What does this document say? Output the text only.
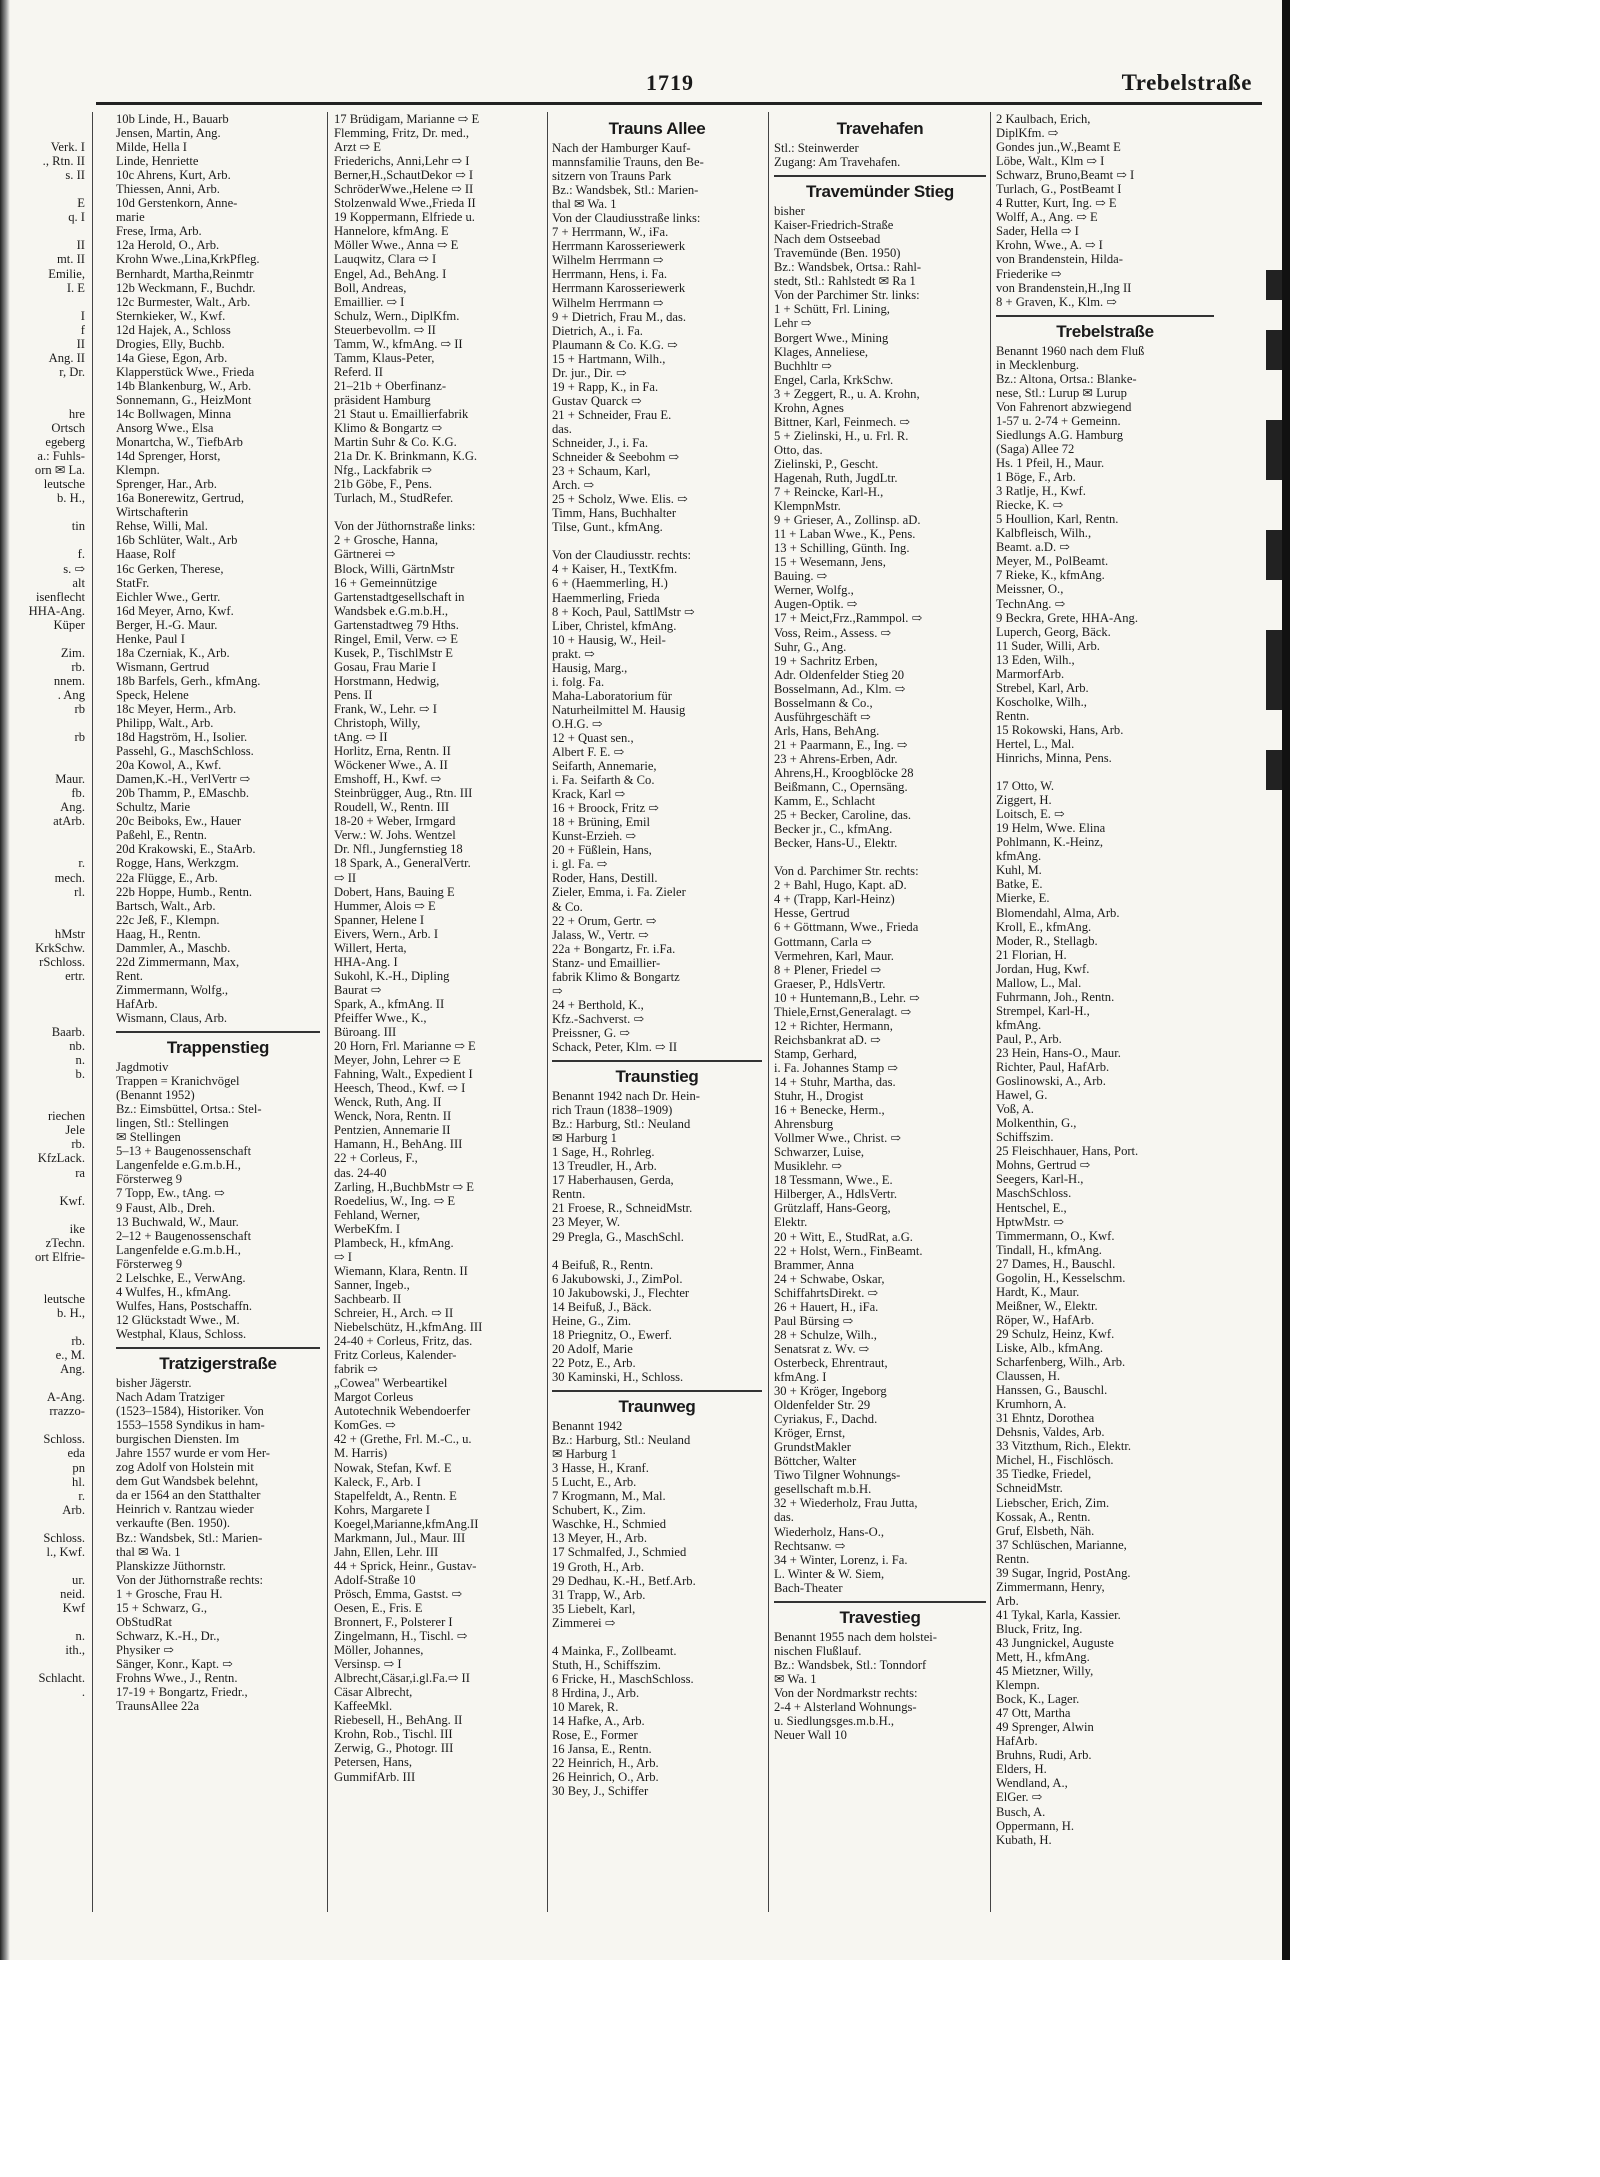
1719	Trebelstraße

Verk. I
., Rtn. II
s. II

E
q. I

II
mt. II
Emilie,
I. E

I
f
II
Ang. II
r, Dr.

hre
Ortsch
egeberg
a.: Fuhls-
orn ✉ La.
leutsche
b. H.,

tin

f.
s. ⇨
alt
isenflecht
HHA-Ang.
Küper

Zim.
rb.
nnem.
. Ang
rb

rb

Maur.
fb.
Ang.
atArb.

r.
mech.
rl.

hMstr
KrkSchw.
rSchloss.
ertr.

Baarb.
nb.
n.
b.

riechen
Jele
rb.
KfzLack.
ra

Kwf.

ike
zTechn.
ort Elfrie-

leutsche
b. H.,

rb.
e., M.
Ang.

A-Ang.
rrazzo-

Schloss.
eda
pn
hl.
r.
Arb.

Schloss.
l., Kwf.

ur.
neid.
Kwf

n.
ith.,

Schlacht.
.
10b Linde, H., Bauarb
Jensen, Martin, Ang.
Milde, Hella I
Linde, Henriette
10c Ahrens, Kurt, Arb.
Thiessen, Anni, Arb.
10d Gerstenkorn, Anne-
marie
Frese, Irma, Arb.
12a Herold, O., Arb.
Krohn Wwe.,Lina,KrkPfleg.
Bernhardt, Martha,Reinmtr
12b Weckmann, F., Buchdr.
12c Burmester, Walt., Arb.
Sternkieker, W., Kwf.
12d Hajek, A., Schloss
Drogies, Elly, Buchb.
14a Giese, Egon, Arb.
Klapperstück Wwe., Frieda
14b Blankenburg, W., Arb.
Sonnemann, G., HeizMont
14c Bollwagen, Minna
Ansorg Wwe., Elsa
Monartcha, W., TiefbArb
14d Sprenger, Horst,
Klempn.
Sprenger, Har., Arb.
16a Bonerewitz, Gertrud,
Wirtschafterin
Rehse, Willi, Mal.
16b Schlüter, Walt., Arb
Haase, Rolf
16c Gerken, Therese,
StatFr.
Eichler Wwe., Gertr.
16d Meyer, Arno, Kwf.
Berger, H.-G. Maur.
Henke, Paul I
18a Czerniak, K., Arb.
Wismann, Gertrud
18b Barfels, Gerh., kfmAng.
Speck, Helene
18c Meyer, Herm., Arb.
Philipp, Walt., Arb.
18d Hagström, H., Isolier.
Passehl, G., MaschSchloss.
20a Kowol, A., Kwf.
Damen,K.-H., VerlVertr ⇨
20b Thamm, P., EMaschb.
Schultz, Marie
20c Beiboks, Ew., Hauer
Paßehl, E., Rentn.
20d Krakowski, E., StaArb.
Rogge, Hans, Werkzgm.
22a Flügge, E., Arb.
22b Hoppe, Humb., Rentn.
Bartsch, Walt., Arb.
22c Jeß, F., Klempn.
Haag, H., Rentn.
Dammler, A., Maschb.
22d Zimmermann, Max,
Rent.
Zimmermann, Wolfg.,
HafArb.
Wismann, Claus, Arb.
Trappenstieg
Jagdmotiv
Trappen = Kranichvögel
(Benannt 1952)
Bz.: Eimsbüttel, Ortsa.: Stel-
lingen, Stl.: Stellingen
✉ Stellingen
5–13 + Baugenossenschaft
Langenfelde e.G.m.b.H.,
Försterweg 9
7 Topp, Ew., tAng. ⇨
9 Faust, Alb., Dreh.
13 Buchwald, W., Maur.
2–12 + Baugenossenschaft
Langenfelde e.G.m.b.H.,
Försterweg 9
2 Lelschke, E., VerwAng.
4 Wulfes, H., kfmAng.
Wulfes, Hans, Postschaffn.
12 Glückstadt Wwe., M.
Westphal, Klaus, Schloss.
Tratzigerstraße
bisher Jägerstr.
Nach Adam Tratziger
(1523–1584), Historiker. Von
1553–1558 Syndikus in ham-
burgischen Diensten. Im
Jahre 1557 wurde er vom Her-
zog Adolf von Holstein mit
dem Gut Wandsbek belehnt,
da er 1564 an den Statthalter
Heinrich v. Rantzau wieder
verkaufte (Ben. 1950).
Bz.: Wandsbek, Stl.: Marien-
thal ✉ Wa. 1
Planskizze Jüthornstr.
Von der Jüthornstraße rechts:
1 + Grosche, Frau H.
15 + Schwarz, G.,
ObStudRat
Schwarz, K.-H., Dr.,
Physiker ⇨
Sänger, Konr., Kapt. ⇨
Frohns Wwe., J., Rentn.
17-19 + Bongartz, Friedr.,
TraunsAllee 22a
17 Brüdigam, Marianne ⇨ E
Flemming, Fritz, Dr. med.,
Arzt ⇨ E
Friederichs, Anni,Lehr ⇨ I
Berner,H.,SchautDekor ⇨ I
SchröderWwe.,Helene ⇨ II
Stolzenwald Wwe.,Frieda II
19 Koppermann, Elfriede u.
Hannelore, kfmAng. E
Möller Wwe., Anna ⇨ E
Lauqwitz, Clara ⇨ I
Engel, Ad., BehAng. I
Boll, Andreas,
Emaillier. ⇨ I
Schulz, Wern., DiplKfm.
Steuerbevollm. ⇨ II
Tamm, W., kfmAng. ⇨ II
Tamm, Klaus-Peter,
Referd. II
21–21b + Oberfinanz-
präsident Hamburg
21 Staut u. Emaillierfabrik
Klimo & Bongartz ⇨
Martin Suhr & Co. K.G.
21a Dr. K. Brinkmann, K.G.
Nfg., Lackfabrik ⇨
21b Göbe, F., Pens.
Turlach, M., StudRefer.

Von der Jüthornstraße links:
2 + Grosche, Hanna,
Gärtnerei ⇨
Block, Willi, GärtnMstr
16 + Gemeinnützige
Gartenstadtgesellschaft in
Wandsbek e.G.m.b.H.,
Gartenstadtweg 79 Hths.
Ringel, Emil, Verw. ⇨ E
Kusek, P., TischlMstr E
Gosau, Frau Marie I
Horstmann, Hedwig,
Pens. II
Frank, W., Lehr. ⇨ I
Christoph, Willy,
tAng. ⇨ II
Horlitz, Erna, Rentn. II
Wöckener Wwe., A. II
Emshoff, H., Kwf. ⇨
Steinbrügger, Aug., Rtn. III
Roudell, W., Rentn. III
18-20 + Weber, Irmgard
Verw.: W. Johs. Wentzel
Dr. Nfl., Jungfernstieg 18
18 Spark, A., GeneralVertr.
⇨ II
Dobert, Hans, Bauing E
Hummer, Alois ⇨ E
Spanner, Helene I
Eivers, Wern., Arb. I
Willert, Herta,
HHA-Ang. I
Sukohl, K.-H., Dipling
Baurat ⇨
Spark, A., kfmAng. II
Pfeiffer Wwe., K.,
Büroang. III
20 Horn, Frl. Marianne ⇨ E
Meyer, John, Lehrer ⇨ E
Fahning, Walt., Expedient I
Heesch, Theod., Kwf. ⇨ I
Wenck, Ruth, Ang. II
Wenck, Nora, Rentn. II
Pentzien, Annemarie II
Hamann, H., BehAng. III
22 + Corleus, F.,
das. 24-40
Zarling, H.,BuchbMstr ⇨ E
Roedelius, W., Ing. ⇨ E
Fehland, Werner,
WerbeKfm. I
Plambeck, H., kfmAng.
⇨ I
Wiemann, Klara, Rentn. II
Sanner, Ingeb.,
Sachbearb. II
Schreier, H., Arch. ⇨ II
Niebelschütz, H.,kfmAng. III
24-40 + Corleus, Fritz, das.
Fritz Corleus, Kalender-
fabrik ⇨
„Cowea" Werbeartikel
Margot Corleus
Autotechnik Webendoerfer
KomGes. ⇨
42 + (Grethe, Frl. M.-C., u.
M. Harris)
Nowak, Stefan, Kwf. E
Kaleck, F., Arb. I
Stapelfeldt, A., Rentn. E
Kohrs, Margarete I
Koegel,Marianne,kfmAng.II
Markmann, Jul., Maur. III
Jahn, Ellen, Lehr. III
44 + Sprick, Heinr., Gustav-
Adolf-Straße 10
Prösch, Emma, Gastst. ⇨
Oesen, E., Fris. E
Bronnert, F., Polsterer I
Zingelmann, H., Tischl. ⇨
Möller, Johannes,
Versinsp. ⇨ I
Albrecht,Cäsar,i.gl.Fa.⇨ II
Cäsar Albrecht,
KaffeeMkl.
Riebesell, H., BehAng. II
Krohn, Rob., Tischl. III
Zerwig, G., Photogr. III
Petersen, Hans,
GummifArb. III
Trauns Allee
Nach der Hamburger Kauf-
mannsfamilie Trauns, den Be-
sitzern von Trauns Park
Bz.: Wandsbek, Stl.: Marien-
thal ✉ Wa. 1
Von der Claudiusstraße links:
7 + Herrmann, W., iFa.
Herrmann Karosseriewerk
Wilhelm Herrmann ⇨
Herrmann, Hens, i. Fa.
Herrmann Karosseriewerk
Wilhelm Herrmann ⇨
9 + Dietrich, Frau M., das.
Dietrich, A., i. Fa.
Plaumann & Co. K.G. ⇨
15 + Hartmann, Wilh.,
Dr. jur., Dir. ⇨
19 + Rapp, K., in Fa.
Gustav Quarck ⇨
21 + Schneider, Frau E.
das.
Schneider, J., i. Fa.
Schneider & Seebohm ⇨
23 + Schaum, Karl,
Arch. ⇨
25 + Scholz, Wwe. Elis. ⇨
Timm, Hans, Buchhalter
Tilse, Gunt., kfmAng.

Von der Claudiusstr. rechts:
4 + Kaiser, H., TextKfm.
6 + (Haemmerling, H.)
Haemmerling, Frieda
8 + Koch, Paul, SattlMstr ⇨
Liber, Christel, kfmAng.
10 + Hausig, W., Heil-
prakt. ⇨
Hausig, Marg.,
i. folg. Fa.
Maha-Laboratorium für
Naturheilmittel M. Hausig
O.H.G. ⇨
12 + Quast sen.,
Albert F. E. ⇨
Seifarth, Annemarie,
i. Fa. Seifarth & Co.
Krack, Karl ⇨
16 + Broock, Fritz ⇨
18 + Brüning, Emil
Kunst-Erzieh. ⇨
20 + Füßlein, Hans,
i. gl. Fa. ⇨
Roder, Hans, Destill.
Zieler, Emma, i. Fa. Zieler
& Co.
22 + Orum, Gertr. ⇨
Jalass, W., Vertr. ⇨
22a + Bongartz, Fr. i.Fa.
Stanz- und Emaillier-
fabrik Klimo & Bongartz
⇨
24 + Berthold, K.,
Kfz.-Sachverst. ⇨
Preissner, G. ⇨
Schack, Peter, Klm. ⇨ II
Traunstieg
Benannt 1942 nach Dr. Hein-
rich Traun (1838–1909)
Bz.: Harburg, Stl.: Neuland
✉ Harburg 1
1 Sage, H., Rohrleg.
13 Treudler, H., Arb.
17 Haberhausen, Gerda,
Rentn.
21 Froese, R., SchneidMstr.
23 Meyer, W.
29 Pregla, G., MaschSchl.

4 Beifuß, R., Rentn.
6 Jakubowski, J., ZimPol.
10 Jakubowski, J., Flechter
14 Beifuß, J., Bäck.
Heine, G., Zim.
18 Priegnitz, O., Ewerf.
20 Adolf, Marie
22 Potz, E., Arb.
30 Kaminski, H., Schloss.
Traunweg
Benannt 1942
Bz.: Harburg, Stl.: Neuland
✉ Harburg 1
3 Hasse, H., Kranf.
5 Lucht, E., Arb.
7 Krogmann, M., Mal.
Schubert, K., Zim.
Waschke, H., Schmied
13 Meyer, H., Arb.
17 Schmalfed, J., Schmied
19 Groth, H., Arb.
29 Dedhau, K.-H., Betf.Arb.
31 Trapp, W., Arb.
35 Liebelt, Karl,
Zimmerei ⇨

4 Mainka, F., Zollbeamt.
Stuth, H., Schiffszim.
6 Fricke, H., MaschSchloss.
8 Hrdina, J., Arb.
10 Marek, R.
14 Hafke, A., Arb.
Rose, E., Former
16 Jansa, E., Rentn.
22 Heinrich, H., Arb.
26 Heinrich, O., Arb.
30 Bey, J., Schiffer
Travehafen
Stl.: Steinwerder
Zugang: Am Travehafen.
Travemünder Stieg
bisher
Kaiser-Friedrich-Straße
Nach dem Ostseebad
Travemünde (Ben. 1950)
Bz.: Wandsbek, Ortsa.: Rahl-
stedt, Stl.: Rahlstedt ✉ Ra 1
Von der Parchimer Str. links:
1 + Schütt, Frl. Lining,
Lehr ⇨
Borgert Wwe., Mining
Klages, Anneliese,
Buchhltr ⇨
Engel, Carla, KrkSchw.
3 + Zeggert, R., u. A. Krohn,
Krohn, Agnes
Bittner, Karl, Feinmech. ⇨
5 + Zielinski, H., u. Frl. R.
Otto, das.
Zielinski, P., Gescht.
Hagenah, Ruth, JugdLtr.
7 + Reincke, Karl-H.,
KlempnMstr.
9 + Grieser, A., Zollinsp. aD.
11 + Laban Wwe., K., Pens.
13 + Schilling, Günth. Ing.
15 + Wesemann, Jens,
Bauing. ⇨
Werner, Wolfg.,
Augen-Optik. ⇨
17 + Meict,Frz.,Rammpol. ⇨
Voss, Reim., Assess. ⇨
Suhr, G., Ang.
19 + Sachritz Erben,
Adr. Oldenfelder Stieg 20
Bosselmann, Ad., Klm. ⇨
Bosselmann & Co.,
Ausführgeschäft ⇨
Arls, Hans, BehAng.
21 + Paarmann, E., Ing. ⇨
23 + Ahrens-Erben, Adr.
Ahrens,H., Kroogblöcke 28
Beißmann, C., Opernsäng.
Kamm, E., Schlacht
25 + Becker, Caroline, das.
Becker jr., C., kfmAng.
Becker, Hans-U., Elektr.

Von d. Parchimer Str. rechts:
2 + Bahl, Hugo, Kapt. aD.
4 + (Trapp, Karl-Heinz)
Hesse, Gertrud
6 + Göttmann, Wwe., Frieda
Gottmann, Carla ⇨
Vermehren, Karl, Maur.
8 + Plener, Friedel ⇨
Graeser, P., HdlsVertr.
10 + Huntemann,B., Lehr. ⇨
Thiele,Ernst,Generalagt. ⇨
12 + Richter, Hermann,
Reichsbankrat aD. ⇨
Stamp, Gerhard,
i. Fa. Johannes Stamp ⇨
14 + Stuhr, Martha, das.
Stuhr, H., Drogist
16 + Benecke, Herm.,
Ahrensburg
Vollmer Wwe., Christ. ⇨
Schwarzer, Luise,
Musiklehr. ⇨
18 Tessmann, Wwe., E.
Hilberger, A., HdlsVertr.
Grützlaff, Hans-Georg,
Elektr.
20 + Witt, E., StudRat, a.G.
22 + Holst, Wern., FinBeamt.
Brammer, Anna
24 + Schwabe, Oskar,
SchiffahrtsDirekt. ⇨
26 + Hauert, H., iFa.
Paul Bürsing ⇨
28 + Schulze, Wilh.,
Senatsrat z. Wv. ⇨
Osterbeck, Ehrentraut,
kfmAng. I
30 + Kröger, Ingeborg
Oldenfelder Str. 29
Cyriakus, F., Dachd.
Kröger, Ernst,
GrundstMakler
Böttcher, Walter
Tiwo Tilgner Wohnungs-
gesellschaft m.b.H.
32 + Wiederholz, Frau Jutta,
das.
Wiederholz, Hans-O.,
Rechtsanw. ⇨
34 + Winter, Lorenz, i. Fa.
L. Winter & W. Siem,
Bach-Theater
Travestieg
Benannt 1955 nach dem holstei-
nischen Flußlauf.
Bz.: Wandsbek, Stl.: Tonndorf
✉ Wa. 1
Von der Nordmarkstr rechts:
2-4 + Alsterland Wohnungs-
u. Siedlungsges.m.b.H.,
Neuer Wall 10
2 Kaulbach, Erich,
DiplKfm. ⇨
Gondes jun.,W.,Beamt E
Löbe, Walt., Klm ⇨ I
Schwarz, Bruno,Beamt ⇨ I
Turlach, G., PostBeamt I
4 Rutter, Kurt, Ing. ⇨ E
Wolff, A., Ang. ⇨ E
Sader, Hella ⇨ I
Krohn, Wwe., A. ⇨ I
von Brandenstein, Hilda-
Friederike ⇨
von Brandenstein,H.,Ing II
8 + Graven, K., Klm. ⇨
Trebelstraße
Benannt 1960 nach dem Fluß
in Mecklenburg.
Bz.: Altona, Ortsa.: Blanke-
nese, Stl.: Lurup ✉ Lurup
Von Fahrenort abzwiegend
1-57 u. 2-74 + Gemeinn.
Siedlungs A.G. Hamburg
(Saga) Allee 72
Hs. 1 Pfeil, H., Maur.
1 Böge, F., Arb.
3 Ratlje, H., Kwf.
Riecke, K. ⇨
5 Houllion, Karl, Rentn.
Kalbfleisch, Wilh.,
Beamt. a.D. ⇨
Meyer, M., PolBeamt.
7 Rieke, K., kfmAng.
Meissner, O.,
TechnAng. ⇨
9 Beckra, Grete, HHA-Ang.
Luperch, Georg, Bäck.
11 Suder, Willi, Arb.
13 Eden, Wilh.,
MarmorfArb.
Strebel, Karl, Arb.
Koscholke, Wilh.,
Rentn.
15 Rokowski, Hans, Arb.
Hertel, L., Mal.
Hinrichs, Minna, Pens.

17 Otto, W.
Ziggert, H.
Loitsch, E. ⇨
19 Helm, Wwe. Elina
Pohlmann, K.-Heinz,
kfmAng.
Kuhl, M.
Batke, E.
Mierke, E.
Blomendahl, Alma, Arb.
Kroll, E., kfmAng.
Moder, R., Stellagb.
21 Florian, H.
Jordan, Hug, Kwf.
Mallow, L., Mal.
Fuhrmann, Joh., Rentn.
Strempel, Karl-H.,
kfmAng.
Paul, P., Arb.
23 Hein, Hans-O., Maur.
Richter, Paul, HafArb.
Goslinowski, A., Arb.
Hawel, G.
Voß, A.
Molkenthin, G.,
Schiffszim.
25 Fleischhauer, Hans, Port.
Mohns, Gertrud ⇨
Seegers, Karl-H.,
MaschSchloss.
Hentschel, E.,
HptwMstr. ⇨
Timmermann, O., Kwf.
Tindall, H., kfmAng.
27 Dames, H., Bauschl.
Gogolin, H., Kesselschm.
Hardt, K., Maur.
Meißner, W., Elektr.
Röper, W., HafArb.
29 Schulz, Heinz, Kwf.
Liske, Alb., kfmAng.
Scharfenberg, Wilh., Arb.
Claussen, H.
Hanssen, G., Bauschl.
Krumhorn, A.
31 Ehntz, Dorothea
Dehsnis, Valdes, Arb.
33 Vitzthum, Rich., Elektr.
Michel, H., Fischlösch.
35 Tiedke, Friedel,
SchneidMstr.
Liebscher, Erich, Zim.
Kossak, A., Rentn.
Gruf, Elsbeth, Näh.
37 Schlüschen, Marianne,
Rentn.
39 Sugar, Ingrid, PostAng.
Zimmermann, Henry,
Arb.
41 Tykal, Karla, Kassier.
Bluck, Fritz, Ing.
43 Jungnickel, Auguste
Mett, H., kfmAng.
45 Mietzner, Willy,
Klempn.
Bock, K., Lager.
47 Ott, Martha
49 Sprenger, Alwin
HafArb.
Bruhns, Rudi, Arb.
Elders, H.
Wendland, A.,
ElGer. ⇨
Busch, A.
Oppermann, H.
Kubath, H.
